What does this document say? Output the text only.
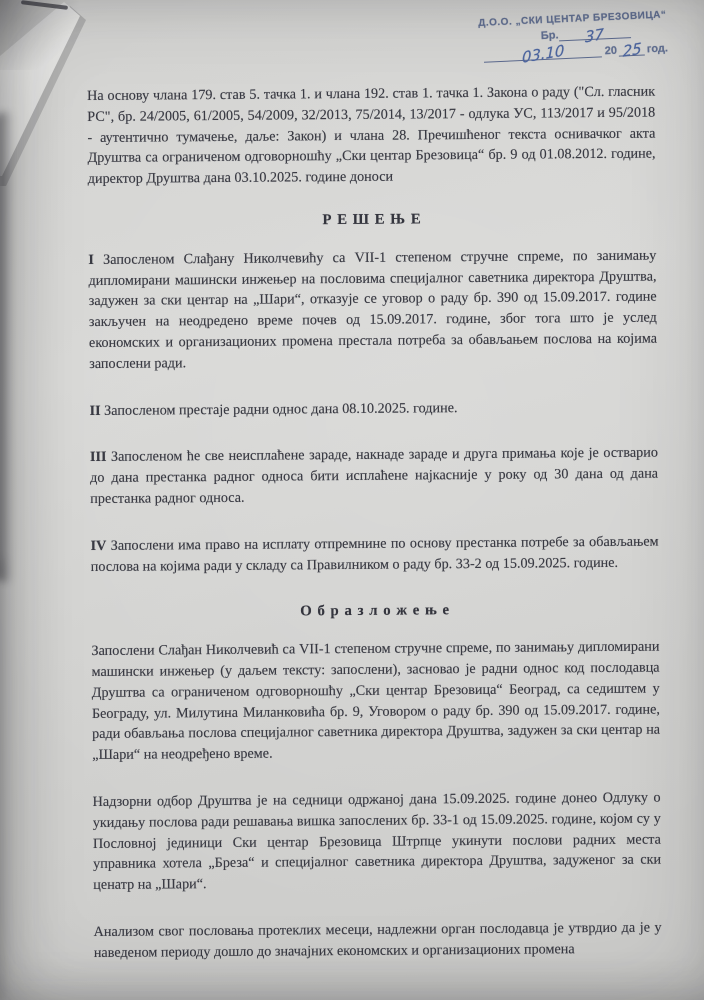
Д.О.О. „СКИ ЦЕНТАР БРЕЗОВИЦА“
Бр. 37
03.10	20 25 год.

На основу члана 179. став 5. тачка 1. и члана 192. став 1. тачка 1. Закона о раду ("Сл. гласник РС", бр. 24/2005, 61/2005, 54/2009, 32/2013, 75/2014, 13/2017 - одлука УС, 113/2017 и 95/2018 - аутентично тумачење, даље: Закон) и члана 28. Пречишћеног текста оснивачког акта Друштва са ограниченом одговорношћу „Ски центар Брезовица“ бр. 9 од 01.08.2012. године, директор Друштва дана 03.10.2025. године доноси

Р Е Ш Е Њ Е

I Запосленом Слађану Николчевићу са VII-1 степеном стручне спреме, по занимању дипломирани машински инжењер на пословима специјалног саветника директора Друштва, задужен за ски центар на „Шари“, отказује се уговор о раду бр. 390 од 15.09.2017. године закључен на неодредено време почев од 15.09.2017. године, због тога што је услед економских и организационих промена престала потреба за обављањем послова на којима запослени ради.

II Запосленом престаје радни однос дана 08.10.2025. године.

III Запосленом ће све неисплаћене зараде, накнаде зараде и друга примања које је остварио до дана престанка радног односа бити исплаћене најкасније у року од 30 дана од дана престанка радног односа.

IV Запослени има право на исплату отпремнине по основу престанка потребе за обављањем послова на којима ради у складу са Правилником о раду бр. 33-2 од 15.09.2025. године.

О б р а з л о ж е њ е

Запослени Слађан Николчевић са VII-1 степеном стручне спреме, по занимању дипломирани машински инжењер (у даљем тексту: запослени), засновао је радни однос код послодавца Друштва са ограниченом одговорношћу „Ски центар Брезовица“ Београд, са седиштем у Београду, ул. Милутина Миланковића бр. 9, Уговором о раду бр. 390 од 15.09.2017. године, ради обављања послова специјалног саветника директора Друштва, задужен за ски центар на „Шари“ на неодређено време.

Надзорни одбор Друштва је на седници одржаној дана 15.09.2025. године донео Одлуку о укидању послова ради решавања вишка запослених бр. 33-1 од 15.09.2025. године, којом су у Пословној јединици Ски центар Брезовица Штрпце укинути послови радних места управника хотела „Бреза“ и специјалног саветника директора Друштва, задуженог за ски ценатр на „Шари“.

Анализом свог пословања протеклих месеци, надлежни орган послодавца је утврдио да је у наведеном периоду дошло до значајних економских и организационих промена
